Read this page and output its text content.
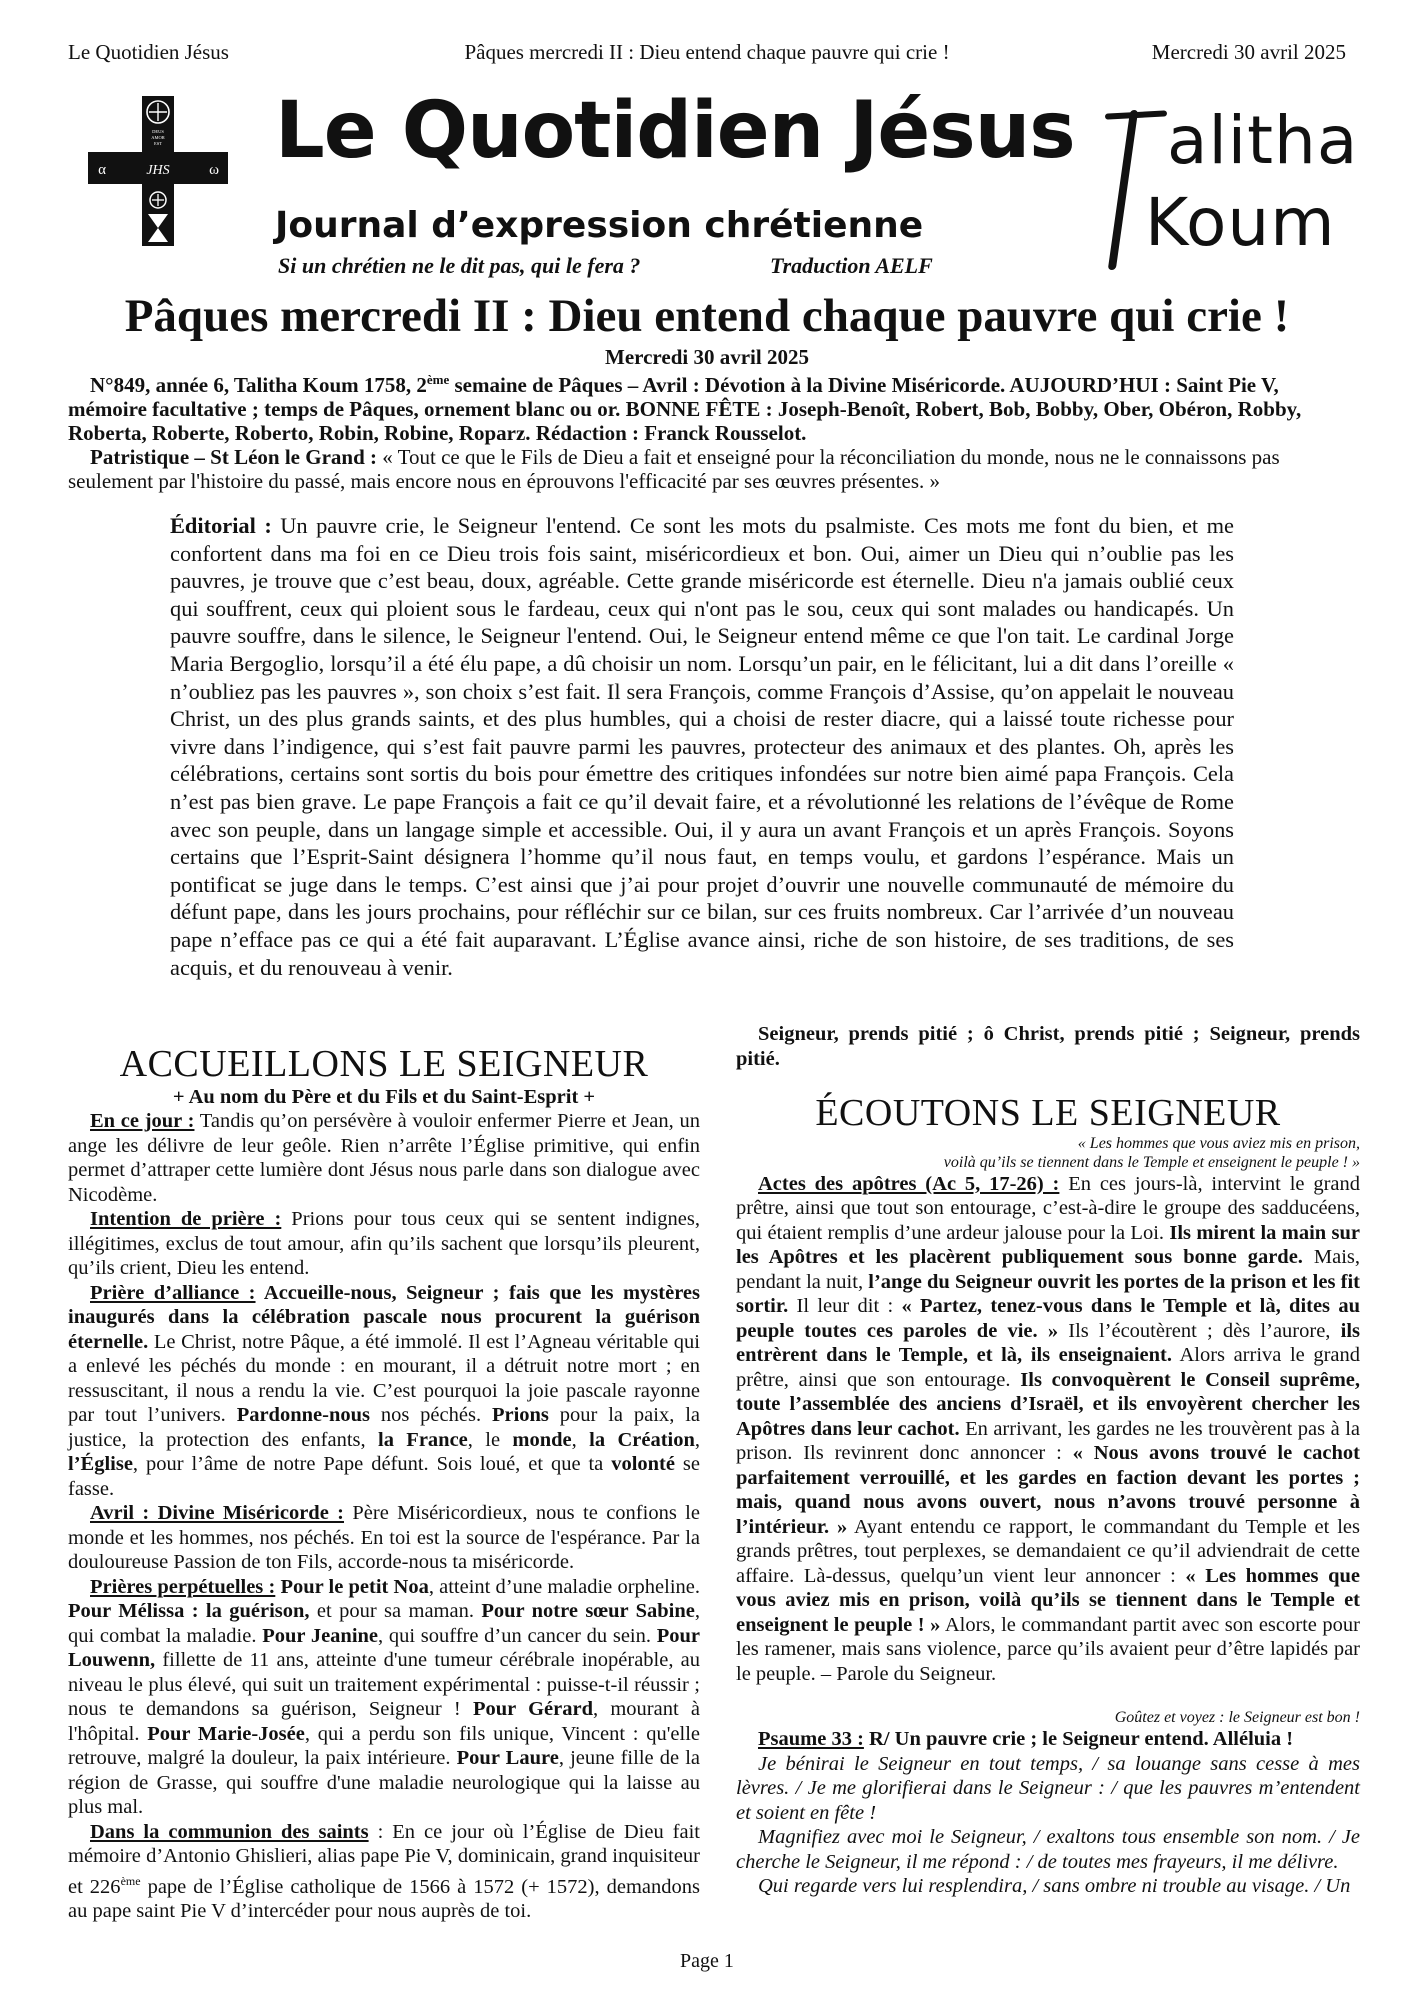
Le Quotidien Jésus	Pâques mercredi II : Dieu entend chaque pauvre qui crie !	Mercredi 30 avril 2025
DEUS
AMOR
EST
JHS
α	ω Le Quotidien Jésus
Journal d’expression chrétienne
Si un chrétien ne le dit pas, qui le fera ?	Traduction AELF
alitha
Koum
Pâques mercredi II : Dieu entend chaque pauvre qui crie !
Mercredi 30 avril 2025

N°849, année 6, Talitha Koum 1758, 2ème semaine de Pâques – Avril : Dévotion à la Divine Miséricorde. AUJOURD’HUI : Saint Pie V, mémoire facultative ; temps de Pâques, ornement blanc ou or. BONNE FÊTE : Joseph-Benoît, Robert, Bob, Bobby, Ober, Obéron, Robby, Roberta, Roberte, Roberto, Robin, Robine, Roparz. Rédaction : Franck Rousselot.

Patristique – St Léon le Grand : « Tout ce que le Fils de Dieu a fait et enseigné pour la réconciliation du monde, nous ne le connaissons pas seulement par l'histoire du passé, mais encore nous en éprouvons l'efficacité par ses œuvres présentes. »

Éditorial : Un pauvre crie, le Seigneur l'entend. Ce sont les mots du psalmiste. Ces mots me font du bien, et me confortent dans ma foi en ce Dieu trois fois saint, miséricordieux et bon. Oui, aimer un Dieu qui n’oublie pas les pauvres, je trouve que c’est beau, doux, agréable. Cette grande miséricorde est éternelle. Dieu n'a jamais oublié ceux qui souffrent, ceux qui ploient sous le fardeau, ceux qui n'ont pas le sou, ceux qui sont malades ou handicapés. Un pauvre souffre, dans le silence, le Seigneur l'entend. Oui, le Seigneur entend même ce que l'on tait. Le cardinal Jorge Maria Bergoglio, lorsqu’il a été élu pape, a dû choisir un nom. Lorsqu’un pair, en le félicitant, lui a dit dans l’oreille « n’oubliez pas les pauvres », son choix s’est fait. Il sera François, comme François d’Assise, qu’on appelait le nouveau Christ, un des plus grands saints, et des plus humbles, qui a choisi de rester diacre, qui a laissé toute richesse pour vivre dans l’indigence, qui s’est fait pauvre parmi les pauvres, protecteur des animaux et des plantes. Oh, après les célébrations, certains sont sortis du bois pour émettre des critiques infondées sur notre bien aimé papa François. Cela n’est pas bien grave. Le pape François a fait ce qu’il devait faire, et a révolutionné les relations de l’évêque de Rome avec son peuple, dans un langage simple et accessible. Oui, il y aura un avant François et un après François. Soyons certains que l’Esprit-Saint désignera l’homme qu’il nous faut, en temps voulu, et gardons l’espérance. Mais un pontificat se juge dans le temps. C’est ainsi que j’ai pour projet d’ouvrir une nouvelle communauté de mémoire du défunt pape, dans les jours prochains, pour réfléchir sur ce bilan, sur ces fruits nombreux. Car l’arrivée d’un nouveau pape n’efface pas ce qui a été fait auparavant. L’Église avance ainsi, riche de son histoire, de ses traditions, de ses acquis, et du renouveau à venir.

ACCUEILLONS LE SEIGNEUR

+ Au nom du Père et du Fils et du Saint-Esprit +

En ce jour : Tandis qu’on persévère à vouloir enfermer Pierre et Jean, un ange les délivre de leur geôle. Rien n’arrête l’Église primitive, qui enfin permet d’attraper cette lumière dont Jésus nous parle dans son dialogue avec Nicodème.

Intention de prière : Prions pour tous ceux qui se sentent indignes, illégitimes, exclus de tout amour, afin qu’ils sachent que lorsqu’ils pleurent, qu’ils crient, Dieu les entend.

Prière d’alliance : Accueille-nous, Seigneur ; fais que les mystères inaugurés dans la célébration pascale nous procurent la guérison éternelle. Le Christ, notre Pâque, a été immolé. Il est l’Agneau véritable qui a enlevé les péchés du monde : en mourant, il a détruit notre mort ; en ressuscitant, il nous a rendu la vie. C’est pourquoi la joie pascale rayonne par tout l’univers. Pardonne-nous nos péchés. Prions pour la paix, la justice, la protection des enfants, la France, le monde, la Création, l’Église, pour l’âme de notre Pape défunt. Sois loué, et que ta volonté se fasse.

Avril : Divine Miséricorde : Père Miséricordieux, nous te confions le monde et les hommes, nos péchés. En toi est la source de l'espérance. Par la douloureuse Passion de ton Fils, accorde-nous ta miséricorde.

Prières perpétuelles : Pour le petit Noa, atteint d’une maladie orpheline. Pour Mélissa : la guérison, et pour sa maman. Pour notre sœur Sabine, qui combat la maladie. Pour Jeanine, qui souffre d’un cancer du sein. Pour Louwenn, fillette de 11 ans, atteinte d'une tumeur cérébrale inopérable, au niveau le plus élevé, qui suit un traitement expérimental : puisse-t-il réussir ; nous te demandons sa guérison, Seigneur ! Pour Gérard, mourant à l'hôpital. Pour Marie-Josée, qui a perdu son fils unique, Vincent : qu'elle retrouve, malgré la douleur, la paix intérieure. Pour Laure, jeune fille de la région de Grasse, qui souffre d'une maladie neurologique qui la laisse au plus mal.

Dans la communion des saints : En ce jour où l’Église de Dieu fait mémoire d’Antonio Ghislieri, alias pape Pie V, dominicain, grand inquisiteur et 226ème pape de l’Église catholique de 1566 à 1572 (+ 1572), demandons au pape saint Pie V d’intercéder pour nous auprès de toi.

Seigneur, prends pitié ; ô Christ, prends pitié ; Seigneur, prends pitié.

ÉCOUTONS LE SEIGNEUR

« Les hommes que vous aviez mis en prison,

voilà qu’ils se tiennent dans le Temple et enseignent le peuple ! »

Actes des apôtres (Ac 5, 17-26) : En ces jours-là, intervint le grand prêtre, ainsi que tout son entourage, c’est-à-dire le groupe des sadducéens, qui étaient remplis d’une ardeur jalouse pour la Loi. Ils mirent la main sur les Apôtres et les placèrent publiquement sous bonne garde. Mais, pendant la nuit, l’ange du Seigneur ouvrit les portes de la prison et les fit sortir. Il leur dit : « Partez, tenez-vous dans le Temple et là, dites au peuple toutes ces paroles de vie. » Ils l’écoutèrent ; dès l’aurore, ils entrèrent dans le Temple, et là, ils enseignaient. Alors arriva le grand prêtre, ainsi que son entourage. Ils convoquèrent le Conseil suprême, toute l’assemblée des anciens d’Israël, et ils envoyèrent chercher les Apôtres dans leur cachot. En arrivant, les gardes ne les trouvèrent pas à la prison. Ils revinrent donc annoncer : « Nous avons trouvé le cachot parfaitement verrouillé, et les gardes en faction devant les portes ; mais, quand nous avons ouvert, nous n’avons trouvé personne à l’intérieur. » Ayant entendu ce rapport, le commandant du Temple et les grands prêtres, tout perplexes, se demandaient ce qu’il adviendrait de cette affaire. Là-dessus, quelqu’un vient leur annoncer : « Les hommes que vous aviez mis en prison, voilà qu’ils se tiennent dans le Temple et enseignent le peuple ! » Alors, le commandant partit avec son escorte pour les ramener, mais sans violence, parce qu’ils avaient peur d’être lapidés par le peuple. – Parole du Seigneur.

Goûtez et voyez : le Seigneur est bon !

Psaume 33 : R/ Un pauvre crie ; le Seigneur entend. Alléluia !

Je bénirai le Seigneur en tout temps, / sa louange sans cesse à mes lèvres. / Je me glorifierai dans le Seigneur : / que les pauvres m’entendent et soient en fête !

Magnifiez avec moi le Seigneur, / exaltons tous ensemble son nom. / Je cherche le Seigneur, il me répond : / de toutes mes frayeurs, il me délivre.

Qui regarde vers lui resplendira, / sans ombre ni trouble au visage. / Un

Page 1
